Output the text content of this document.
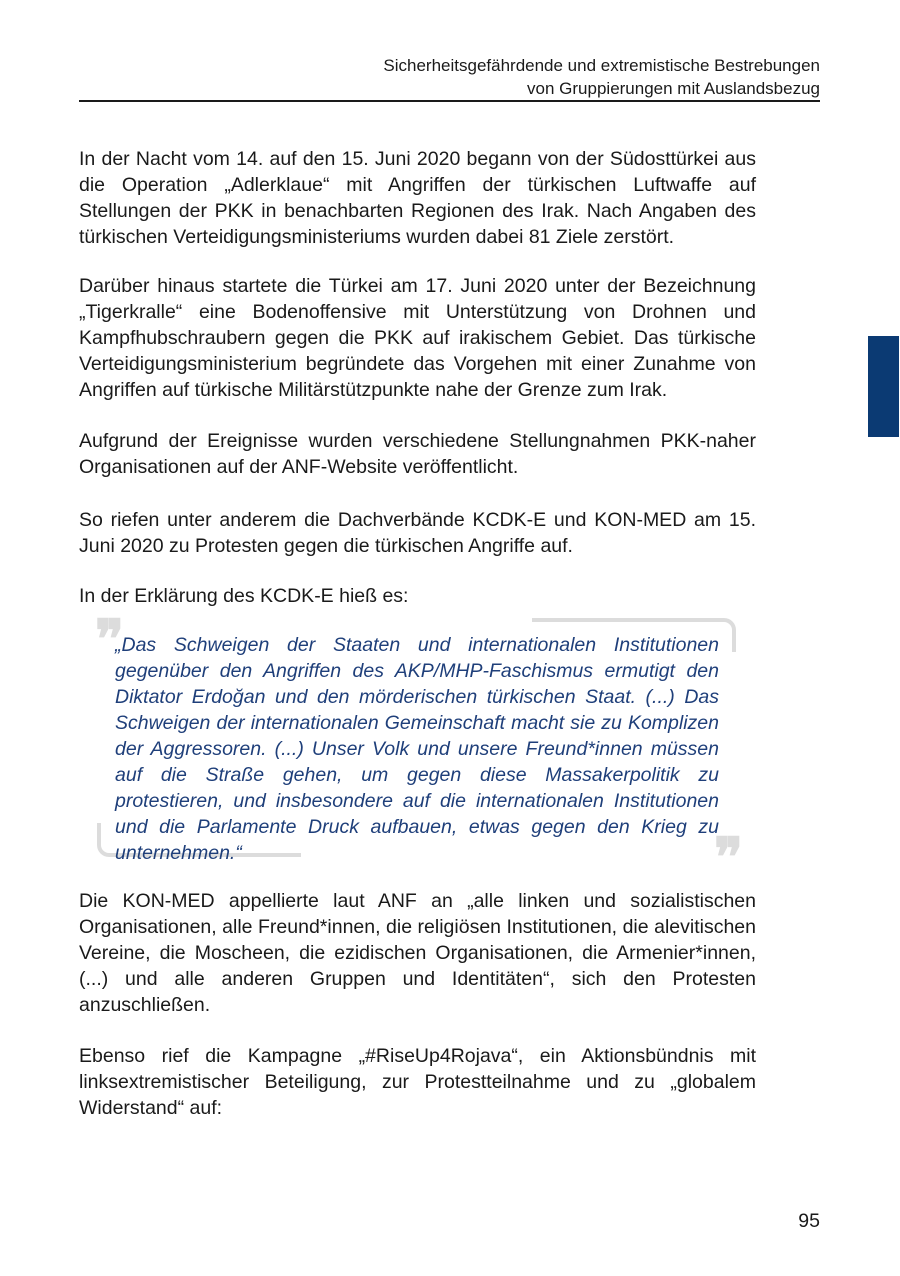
Sicherheitsgefährdende und extremistische Bestrebungen
von Gruppierungen mit Auslandsbezug

In der Nacht vom 14. auf den 15. Juni 2020 begann von der Südosttürkei aus die Operation „Adlerklaue“ mit Angriffen der türkischen Luftwaffe auf Stellungen der PKK in benachbarten Regionen des Irak. Nach Angaben des türkischen Verteidigungsministeriums wurden dabei 81 Ziele zerstört.

Darüber hinaus startete die Türkei am 17. Juni 2020 unter der Bezeichnung „Tigerkralle“ eine Bodenoffensive mit Unterstützung von Drohnen und Kampfhubschraubern gegen die PKK auf irakischem Gebiet. Das türkische Verteidigungsministerium begründete das Vorgehen mit einer Zunahme von Angriffen auf türkische Militärstützpunkte nahe der Grenze zum Irak.

Aufgrund der Ereignisse wurden verschiedene Stellungnahmen PKK-naher Organisationen auf der ANF-Website veröffentlicht.

So riefen unter anderem die Dachverbände KCDK-E und KON-MED am 15. Juni 2020 zu Protesten gegen die türkischen Angriffe auf.

In der Erklärung des KCDK-E hieß es:

❞

„Das Schweigen der Staaten und internationalen Institutionen gegenüber den Angriffen des AKP/MHP-Faschismus ermutigt den Diktator Erdoğan und den mörderischen türkischen Staat. (...) Das Schweigen der internationalen Gemeinschaft macht sie zu Komplizen der Aggressoren. (...) Unser Volk und unsere Freund*innen müssen auf die Straße gehen, um gegen diese Massakerpolitik zu protestieren, und insbesondere auf die internationalen Institutionen und die Parlamente Druck aufbauen, etwas gegen den Krieg zu unternehmen.“	❞

Die KON-MED appellierte laut ANF an „alle linken und sozialistischen Organisationen, alle Freund*innen, die religiösen Institutionen, die alevitischen Vereine, die Moscheen, die ezidischen Organisationen, die Armenier*innen, (...) und alle anderen Gruppen und Identitäten“, sich den Protesten anzuschließen.

Ebenso rief die Kampagne „#RiseUp4Rojava“, ein Aktionsbündnis mit linksextremistischer Beteiligung, zur Protestteilnahme und zu „globalem Widerstand“ auf:

95
